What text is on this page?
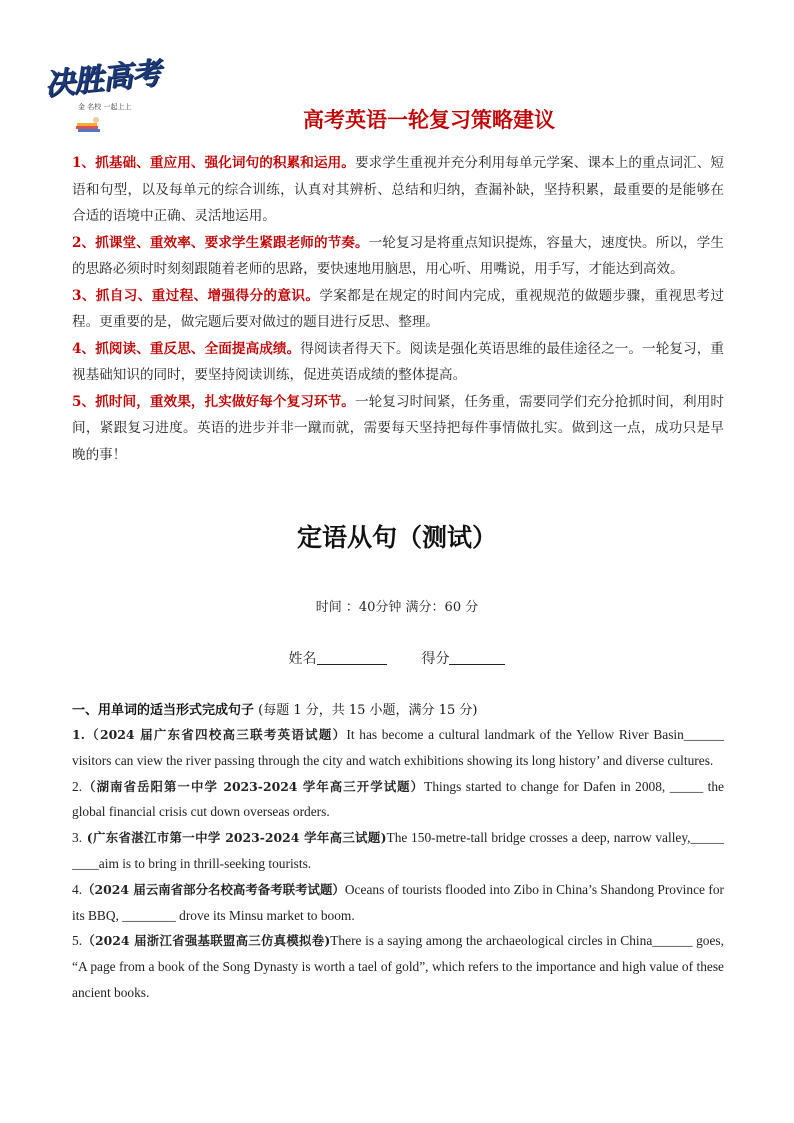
决胜高考
金 名校 一起上上
高考英语一轮复习策略建议

1、抓基础、重应用、强化词句的积累和运用。要求学生重视并充分利用每单元学案、课本上的重点词汇、短语和句型，以及每单元的综合训练，认真对其辨析、总结和归纳，查漏补缺，坚持积累，最重要的是能够在合适的语境中正确、灵活地运用。

2、抓课堂、重效率、要求学生紧跟老师的节奏。一轮复习是将重点知识提炼，容量大，速度快。所以，学生的思路必须时时刻刻跟随着老师的思路，要快速地用脑思，用心听、用嘴说，用手写，才能达到高效。

3、抓自习、重过程、增强得分的意识。学案都是在规定的时间内完成，重视规范的做题步骤，重视思考过程。更重要的是，做完题后要对做过的题目进行反思、整理。

4、抓阅读、重反思、全面提高成绩。得阅读者得天下。阅读是强化英语思维的最佳途径之一。一轮复习，重视基础知识的同时，要坚持阅读训练，促进英语成绩的整体提高。

5、抓时间，重效果，扎实做好每个复习环节。一轮复习时间紧，任务重，需要同学们充分抢抓时间，利用时间，紧跟复习进度。英语的进步并非一蹴而就，需要每天坚持把每件事情做扎实。做到这一点，成功只是早晚的事！

定语从句（测试）
时间 ：40分钟 满分：60 分
姓名	得分
一、用单词的适当形式完成句子 (每题 1 分，共 15 小题，满分 15 分)

1.（2024 届广东省四校高三联考英语试题）It has become a cultural landmark of the Yellow River Basin______ visitors can view the river passing through the city and watch exhibitions showing its long history’ and diverse cultures.

2.（湖南省岳阳第一中学 2023-2024 学年高三开学试题）Things started to change for Dafen in 2008, _____ the global financial crisis cut down overseas orders.

3. (广东省湛江市第一中学 2023-2024 学年高三试题)The 150-metre-tall bridge crosses a deep, narrow valley,_____ ____aim is to bring in thrill-seeking tourists.

4.（2024 届云南省部分名校高考备考联考试题）Oceans of tourists flooded into Zibo in China’s Shandong Province for its BBQ, ________ drove its Minsu market to boom.

5.（2024 届浙江省强基联盟高三仿真模拟卷)There is a saying among the archaeological circles in China______ goes, “A page from a book of the Song Dynasty is worth a tael of gold”, which refers to the importance and high value of these ancient books.
